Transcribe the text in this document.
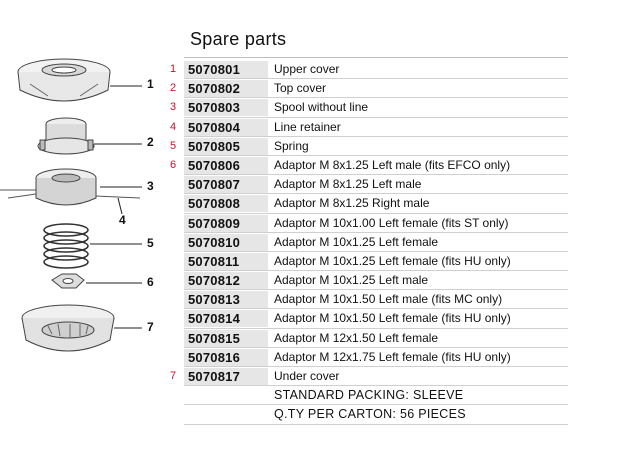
1
2
3
4
5
6
7
Spare parts
1 5070801	Upper cover
2 5070802	Top cover
3 5070803	Spool without line
4 5070804	Line retainer
5 5070805	Spring
6 5070806	Adaptor M 8x1.25 Left male (fits EFCO only)
5070807	Adaptor M 8x1.25 Left male
5070808	Adaptor M 8x1.25 Right male
5070809	Adaptor M 10x1.00 Left female (fits ST only)
5070810	Adaptor M 10x1.25 Left female
5070811	Adaptor M 10x1.25 Left female (fits HU only)
5070812	Adaptor M 10x1.25 Left male
5070813	Adaptor M 10x1.50 Left male (fits MC only)
5070814	Adaptor M 10x1.50 Left female (fits HU only)
5070815	Adaptor M 12x1.50 Left female
5070816	Adaptor M 12x1.75 Left female (fits HU only)
7 5070817	Under cover
STANDARD PACKING: SLEEVE
Q.TY PER CARTON: 56 PIECES
